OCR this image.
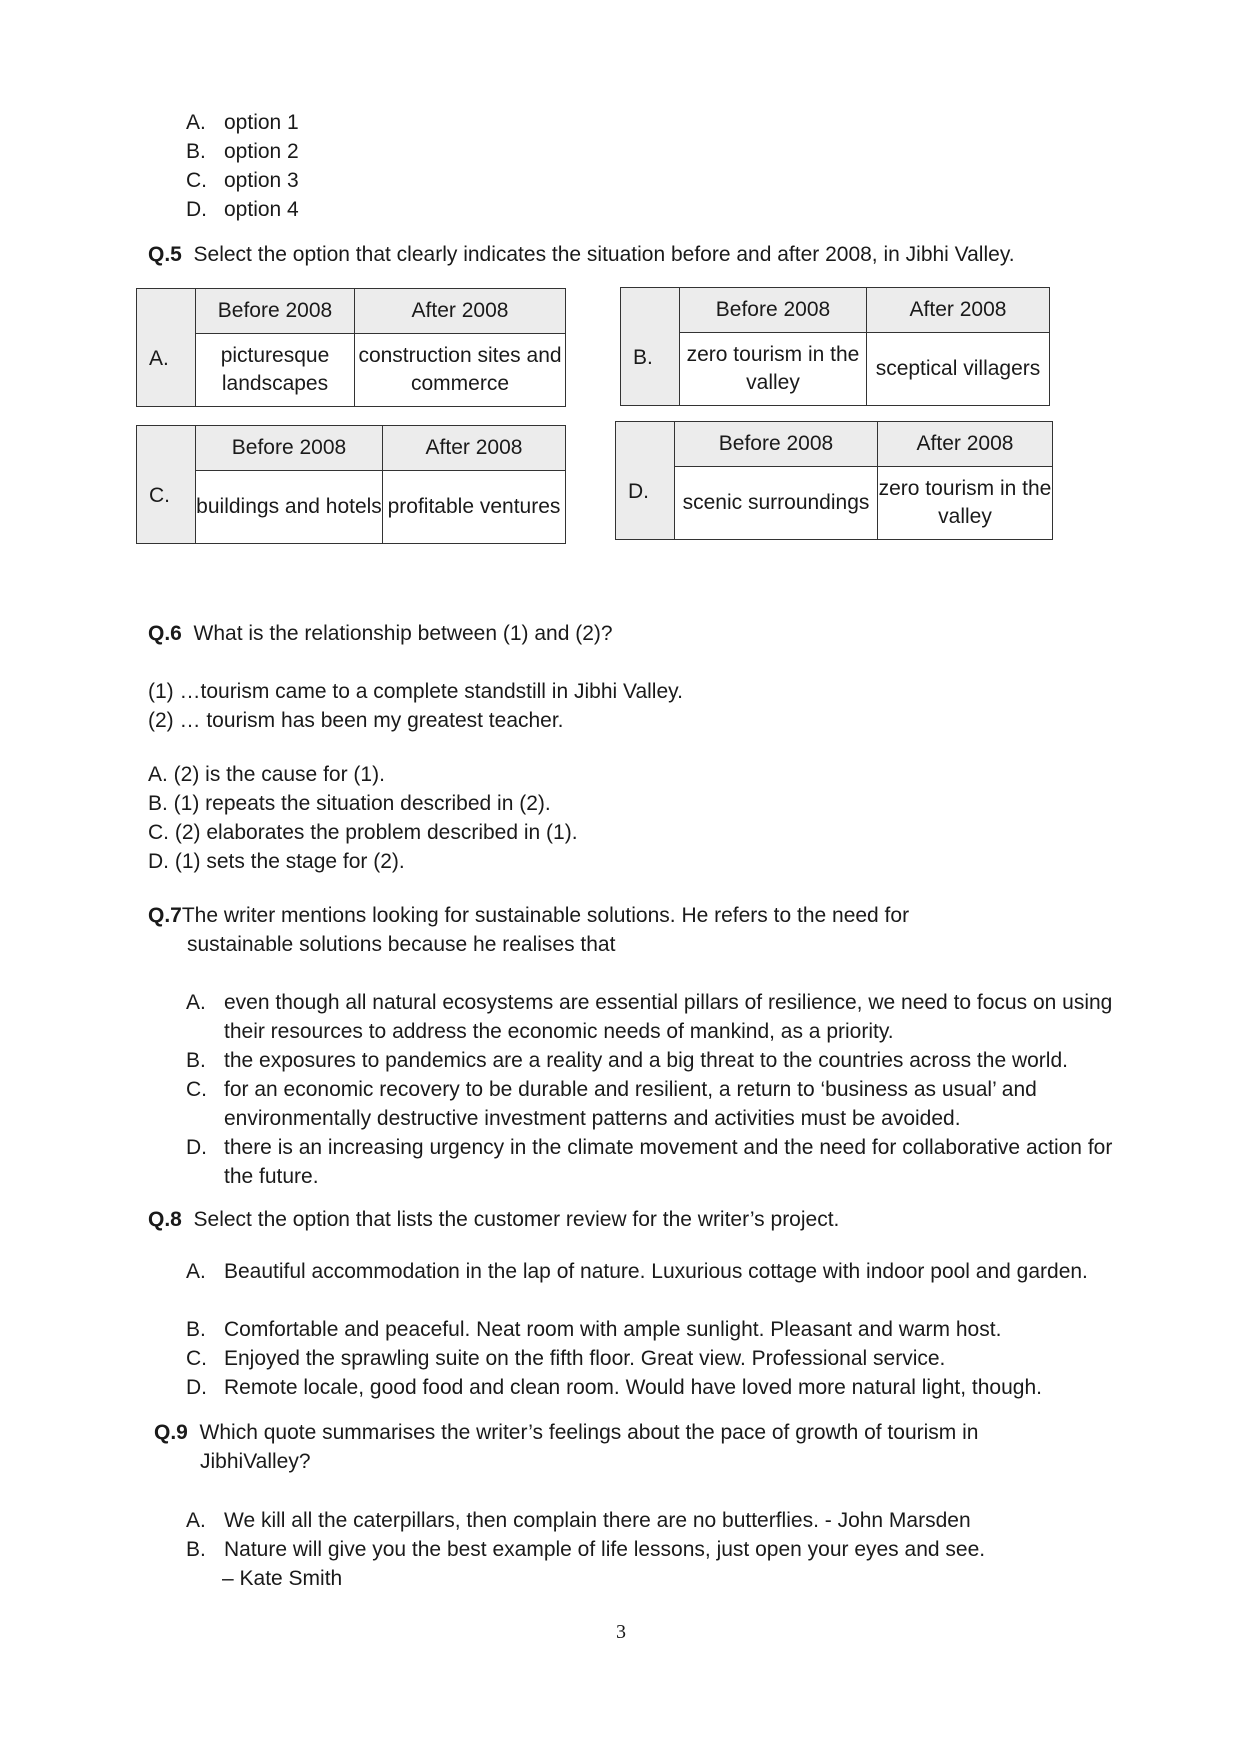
A. option 1
B. option 2
C. option 3
D. option 4
Q.5 Select the option that clearly indicates the situation before and after 2008, in Jibhi Valley.
A.	Before 2008	After 2008
	picturesque landscapes	construction sites and commerce
B.	Before 2008	After 2008
	zero tourism in the valley	sceptical villagers
C.	Before 2008	After 2008
	buildings and hotels	profitable ventures
D.	Before 2008	After 2008
	scenic surroundings	zero tourism in the valley
Q.6 What is the relationship between (1) and (2)?
(1) …tourism came to a complete standstill in Jibhi Valley.
(2) … tourism has been my greatest teacher.
A. (2) is the cause for (1).
B. (1) repeats the situation described in (2).
C. (2) elaborates the problem described in (1).
D. (1) sets the stage for (2).
Q.7The writer mentions looking for sustainable solutions. He refers to the need for
sustainable solutions because he realises that
A. even though all natural ecosystems are essential pillars of resilience, we need to focus on using their resources to address the economic needs of mankind, as a priority.
B. the exposures to pandemics are a reality and a big threat to the countries across the world.
C. for an economic recovery to be durable and resilient, a return to ‘business as usual’ and environmentally destructive investment patterns and activities must be avoided.
D. there is an increasing urgency in the climate movement and the need for collaborative action for the future.
Q.8 Select the option that lists the customer review for the writer’s project.
A. Beautiful accommodation in the lap of nature. Luxurious cottage with indoor pool and garden.
B. Comfortable and peaceful. Neat room with ample sunlight. Pleasant and warm host.
C. Enjoyed the sprawling suite on the fifth floor. Great view. Professional service.
D. Remote locale, good food and clean room. Would have loved more natural light, though.
Q.9 Which quote summarises the writer’s feelings about the pace of growth of tourism in
JibhiValley?
A. We kill all the caterpillars, then complain there are no butterflies. - John Marsden
B. Nature will give you the best example of life lessons, just open your eyes and see.
– Kate Smith
3
